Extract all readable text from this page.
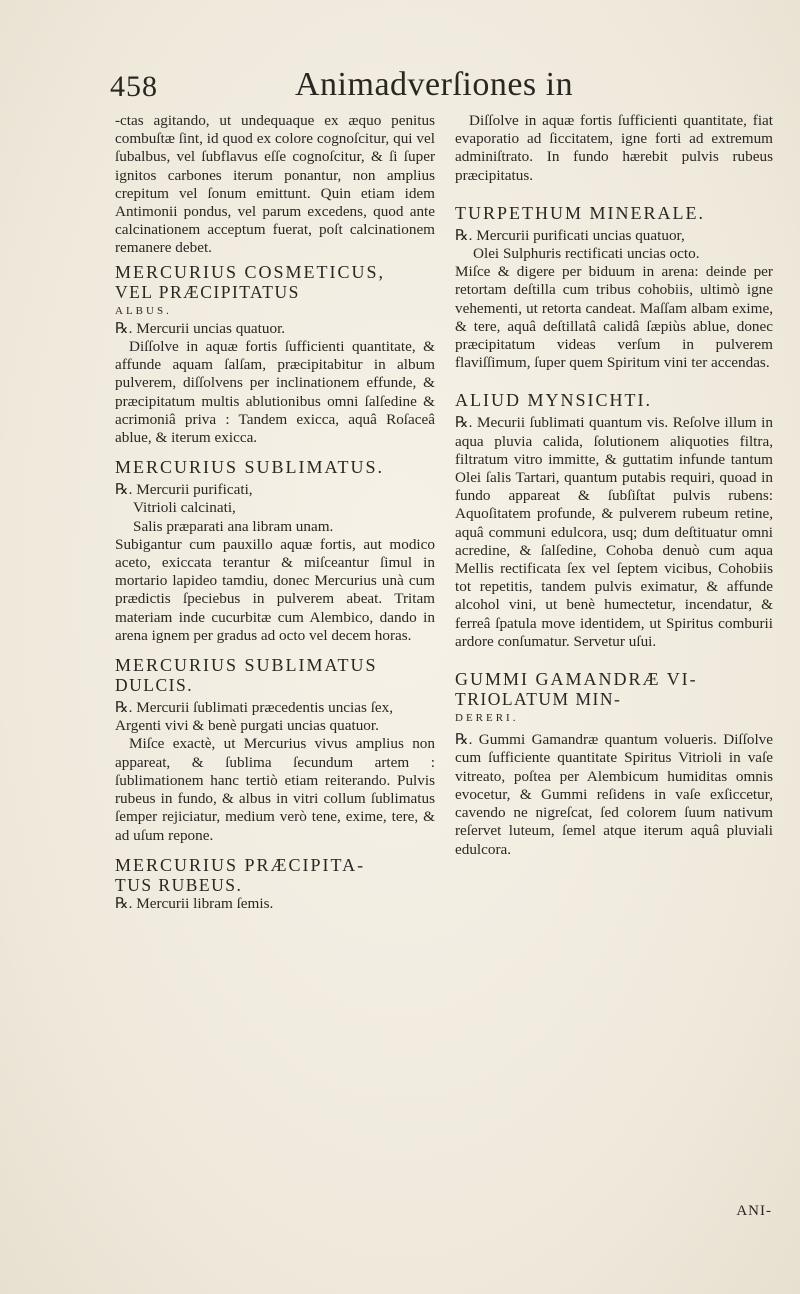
458	Animadverſiones in

-ctas agitando, ut undequaque ex æquo penitus combuſtæ ſint, id quod ex colore cognoſcitur, qui vel ſubalbus, vel ſubflavus eſſe cognoſcitur, & ſi ſuper ignitos carbones iterum ponantur, non amplius crepitum vel ſonum emittunt. Quin etiam idem Antimonii pondus, vel parum excedens, quod ante calcinationem acceptum fuerat, poſt calcinationem remanere debet.

MERCURIUS COSMETICUS,

VEL PRÆCIPITATUS

ALBUS.

℞. Mercurii uncias quatuor.

Diſſolve in aquæ fortis ſufficienti quantitate, & affunde aquam ſalſam, præcipitabitur in album pulverem, diſſolvens per inclinationem effunde, & præcipitatum multis ablutionibus omni ſalſedine & acrimoniâ priva : Tandem exicca, aquâ Roſaceâ ablue, & iterum exicca.

MERCURIUS SUBLIMATUS.

℞. Mercurii purificati,

Vitrioli calcinati,

Salis præparati ana libram unam.

Subigantur cum pauxillo aquæ fortis, aut modico aceto, exiccata terantur & miſceantur ſimul in mortario lapideo tamdiu, donec Mercurius unà cum prædictis ſpeciebus in pulverem abeat. Tritam materiam inde cucurbitæ cum Alembico, dando in arena ignem per gradus ad octo vel decem horas.

MERCURIUS SUBLIMATUS

DULCIS.

℞. Mercurii ſublimati præcedentis uncias ſex,

Argenti vivi & benè purgati uncias quatuor.

Miſce exactè, ut Mercurius vivus amplius non appareat, & ſublima ſecundum artem : ſublimationem hanc tertiò etiam reiterando. Pulvis rubeus in fundo, & albus in vitri collum ſublimatus ſemper rejiciatur, medium verò tene, exime, tere, & ad uſum repone.

MERCURIUS PRÆCIPITA-

TUS RUBEUS.

℞. Mercurii libram ſemis.

Diſſolve in aquæ fortis ſufficienti quantitate, fiat evaporatio ad ſiccitatem, igne forti ad extremum adminiſtrato. In fundo hærebit pulvis rubeus præcipitatus.

TURPETHUM MINERALE.

℞. Mercurii purificati uncias quatuor,

Olei Sulphuris rectificati uncias octo.

Miſce & digere per biduum in arena: deinde per retortam deſtilla cum tribus cohobiis, ultimò igne vehementi, ut retorta candeat. Maſſam albam exime, & tere, aquâ deſtillatâ calidâ ſæpiùs ablue, donec præcipitatum videas verſum in pulverem flaviſſimum, ſuper quem Spiritum vini ter accendas.

ALIUD MYNSICHTI.

℞. Mecurii ſublimati quantum vis. Reſolve illum in aqua pluvia calida, ſolutionem aliquoties filtra, filtratum vitro immitte, & guttatim infunde tantum Olei ſalis Tartari, quantum putabis requiri, quoad in fundo appareat & ſubſiſtat pulvis rubens: Aquoſitatem profunde, & pulverem rubeum retine, aquâ communi edulcora, usq; dum deſtituatur omni acredine, & ſalſedine, Cohoba denuò cum aqua Mellis rectificata ſex vel ſeptem vicibus, Cohobiis tot repetitis, tandem pulvis eximatur, & affunde alcohol vini, ut benè humectetur, incendatur, & ferreâ ſpatula move identidem, ut Spiritus comburii ardore conſumatur. Servetur uſui.

GUMMI GAMANDRÆ VI-

TRIOLATUM MIN-

DERERI.

℞. Gummi Gamandræ quantum volueris. Diſſolve cum ſufficiente quantitate Spiritus Vitrioli in vaſe vitreato, poſtea per Alembicum humiditas omnis evocetur, & Gummi reſidens in vaſe exſiccetur, cavendo ne nigreſcat, ſed colorem ſuum nativum reſervet luteum, ſemel atque iterum aquâ pluviali edulcora.

ANI-
